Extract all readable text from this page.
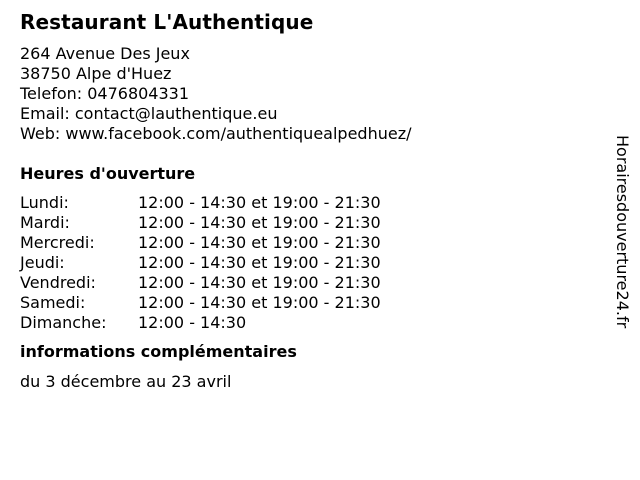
Restaurant L'Authentique
264 Avenue Des Jeux
38750 Alpe d'Huez
Telefon: 0476804331
Email: contact@lauthentique.eu
Web: www.facebook.com/authentiquealpedhuez/
Heures d'ouverture
Lundi:	12:00 - 14:30 et 19:00 - 21:30
Mardi:	12:00 - 14:30 et 19:00 - 21:30
Mercredi:	12:00 - 14:30 et 19:00 - 21:30
Jeudi:	12:00 - 14:30 et 19:00 - 21:30
Vendredi:	12:00 - 14:30 et 19:00 - 21:30
Samedi:	12:00 - 14:30 et 19:00 - 21:30
Dimanche:	12:00 - 14:30
informations complémentaires
du 3 décembre au 23 avril
Horairesdouverture24.fr
